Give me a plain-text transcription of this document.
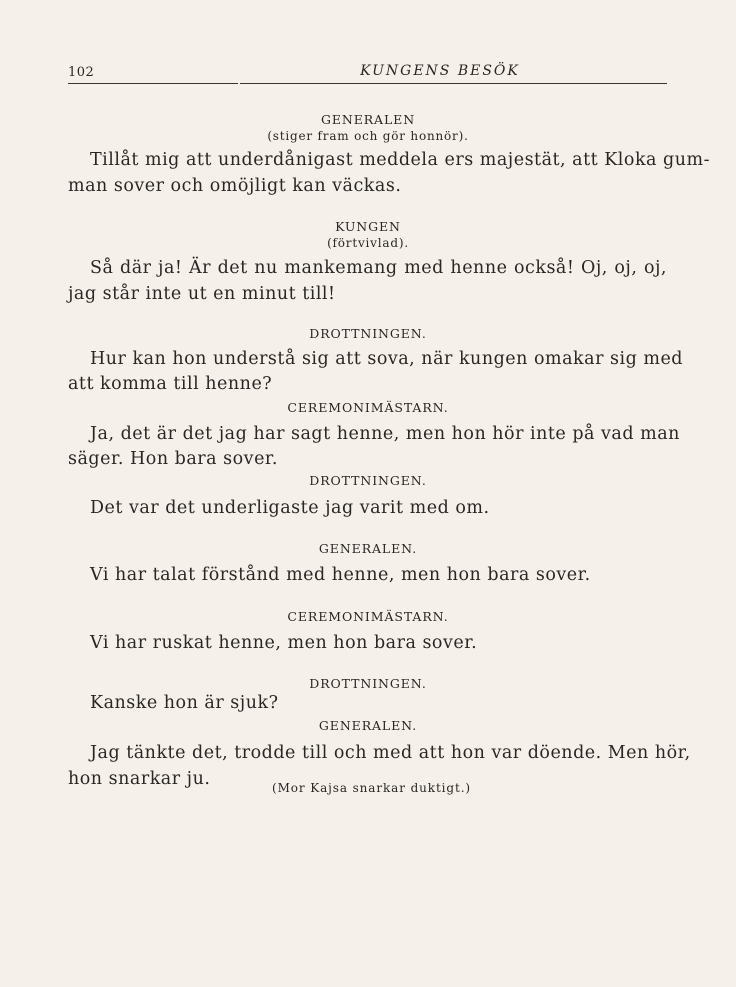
102	KUNGENS BESÖK
GENERALEN
(stiger fram och gör honnör).
Tillåt mig att underdånigast meddela ers majestät, att Kloka gum-
man sover och omöjligt kan väckas.
KUNGEN
(förtvivlad).
Så där ja! Är det nu mankemang med henne också! Oj, oj, oj,
jag står inte ut en minut till!
DROTTNINGEN.
Hur kan hon understå sig att sova, när kungen omakar sig med
att komma till henne?
CEREMONIMÄSTARN.
Ja, det är det jag har sagt henne, men hon hör inte på vad man
säger. Hon bara sover.
DROTTNINGEN.
Det var det underligaste jag varit med om.
GENERALEN.
Vi har talat förstånd med henne, men hon bara sover.
CEREMONIMÄSTARN.
Vi har ruskat henne, men hon bara sover.
DROTTNINGEN.
Kanske hon är sjuk?
GENERALEN.
Jag tänkte det, trodde till och med att hon var döende. Men hör,
hon snarkar ju.	(Mor Kajsa snarkar duktigt.)
